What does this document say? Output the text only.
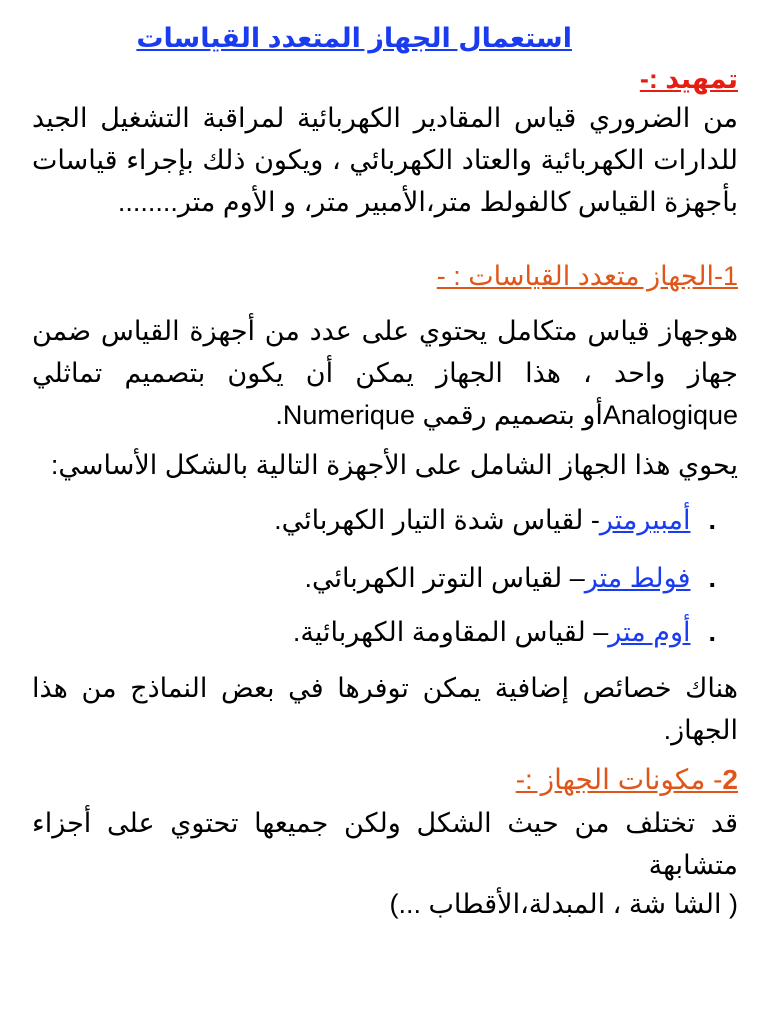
استعمال الجهاز المتعدد القياسات
تمهيد :-

من الضروري قياس المقادير الكهربائية لمراقبة التشغيل الجيد للدارات الكهربائية والعتاد الكهربائي ، ويكون ذلك بإجراء قياسات بأجهزة القياس كالفولط متر،الأمبير متر، و الأوم متر........

1-الجهاز متعدد القياسات : -

هوجهاز قياس متكامل يحتوي على عدد من أجهزة القياس ضمن جهاز واحد ، هذا الجهاز يمكن أن يكون بتصميم تماثلي Analogiqueأو بتصميم رقمي Numerique.

يحوي هذا الجهاز الشامل على الأجهزة التالية بالشكل الأساسي:

.
أمبيرمتر
- لقياس شدة التيار الكهربائي.
.
فولط متر
– لقياس التوتر الكهربائي.
.
أوم متر
– لقياس المقاومة الكهربائية.

هناك خصائص إضافية يمكن توفرها في بعض النماذج من هذا الجهاز.

2- مكونات الجهاز :-

قد تختلف من حيث الشكل ولكن جميعها تحتوي على أجزاء متشابهة

( الشا شة ، المبدلة،الأقطاب ...)
